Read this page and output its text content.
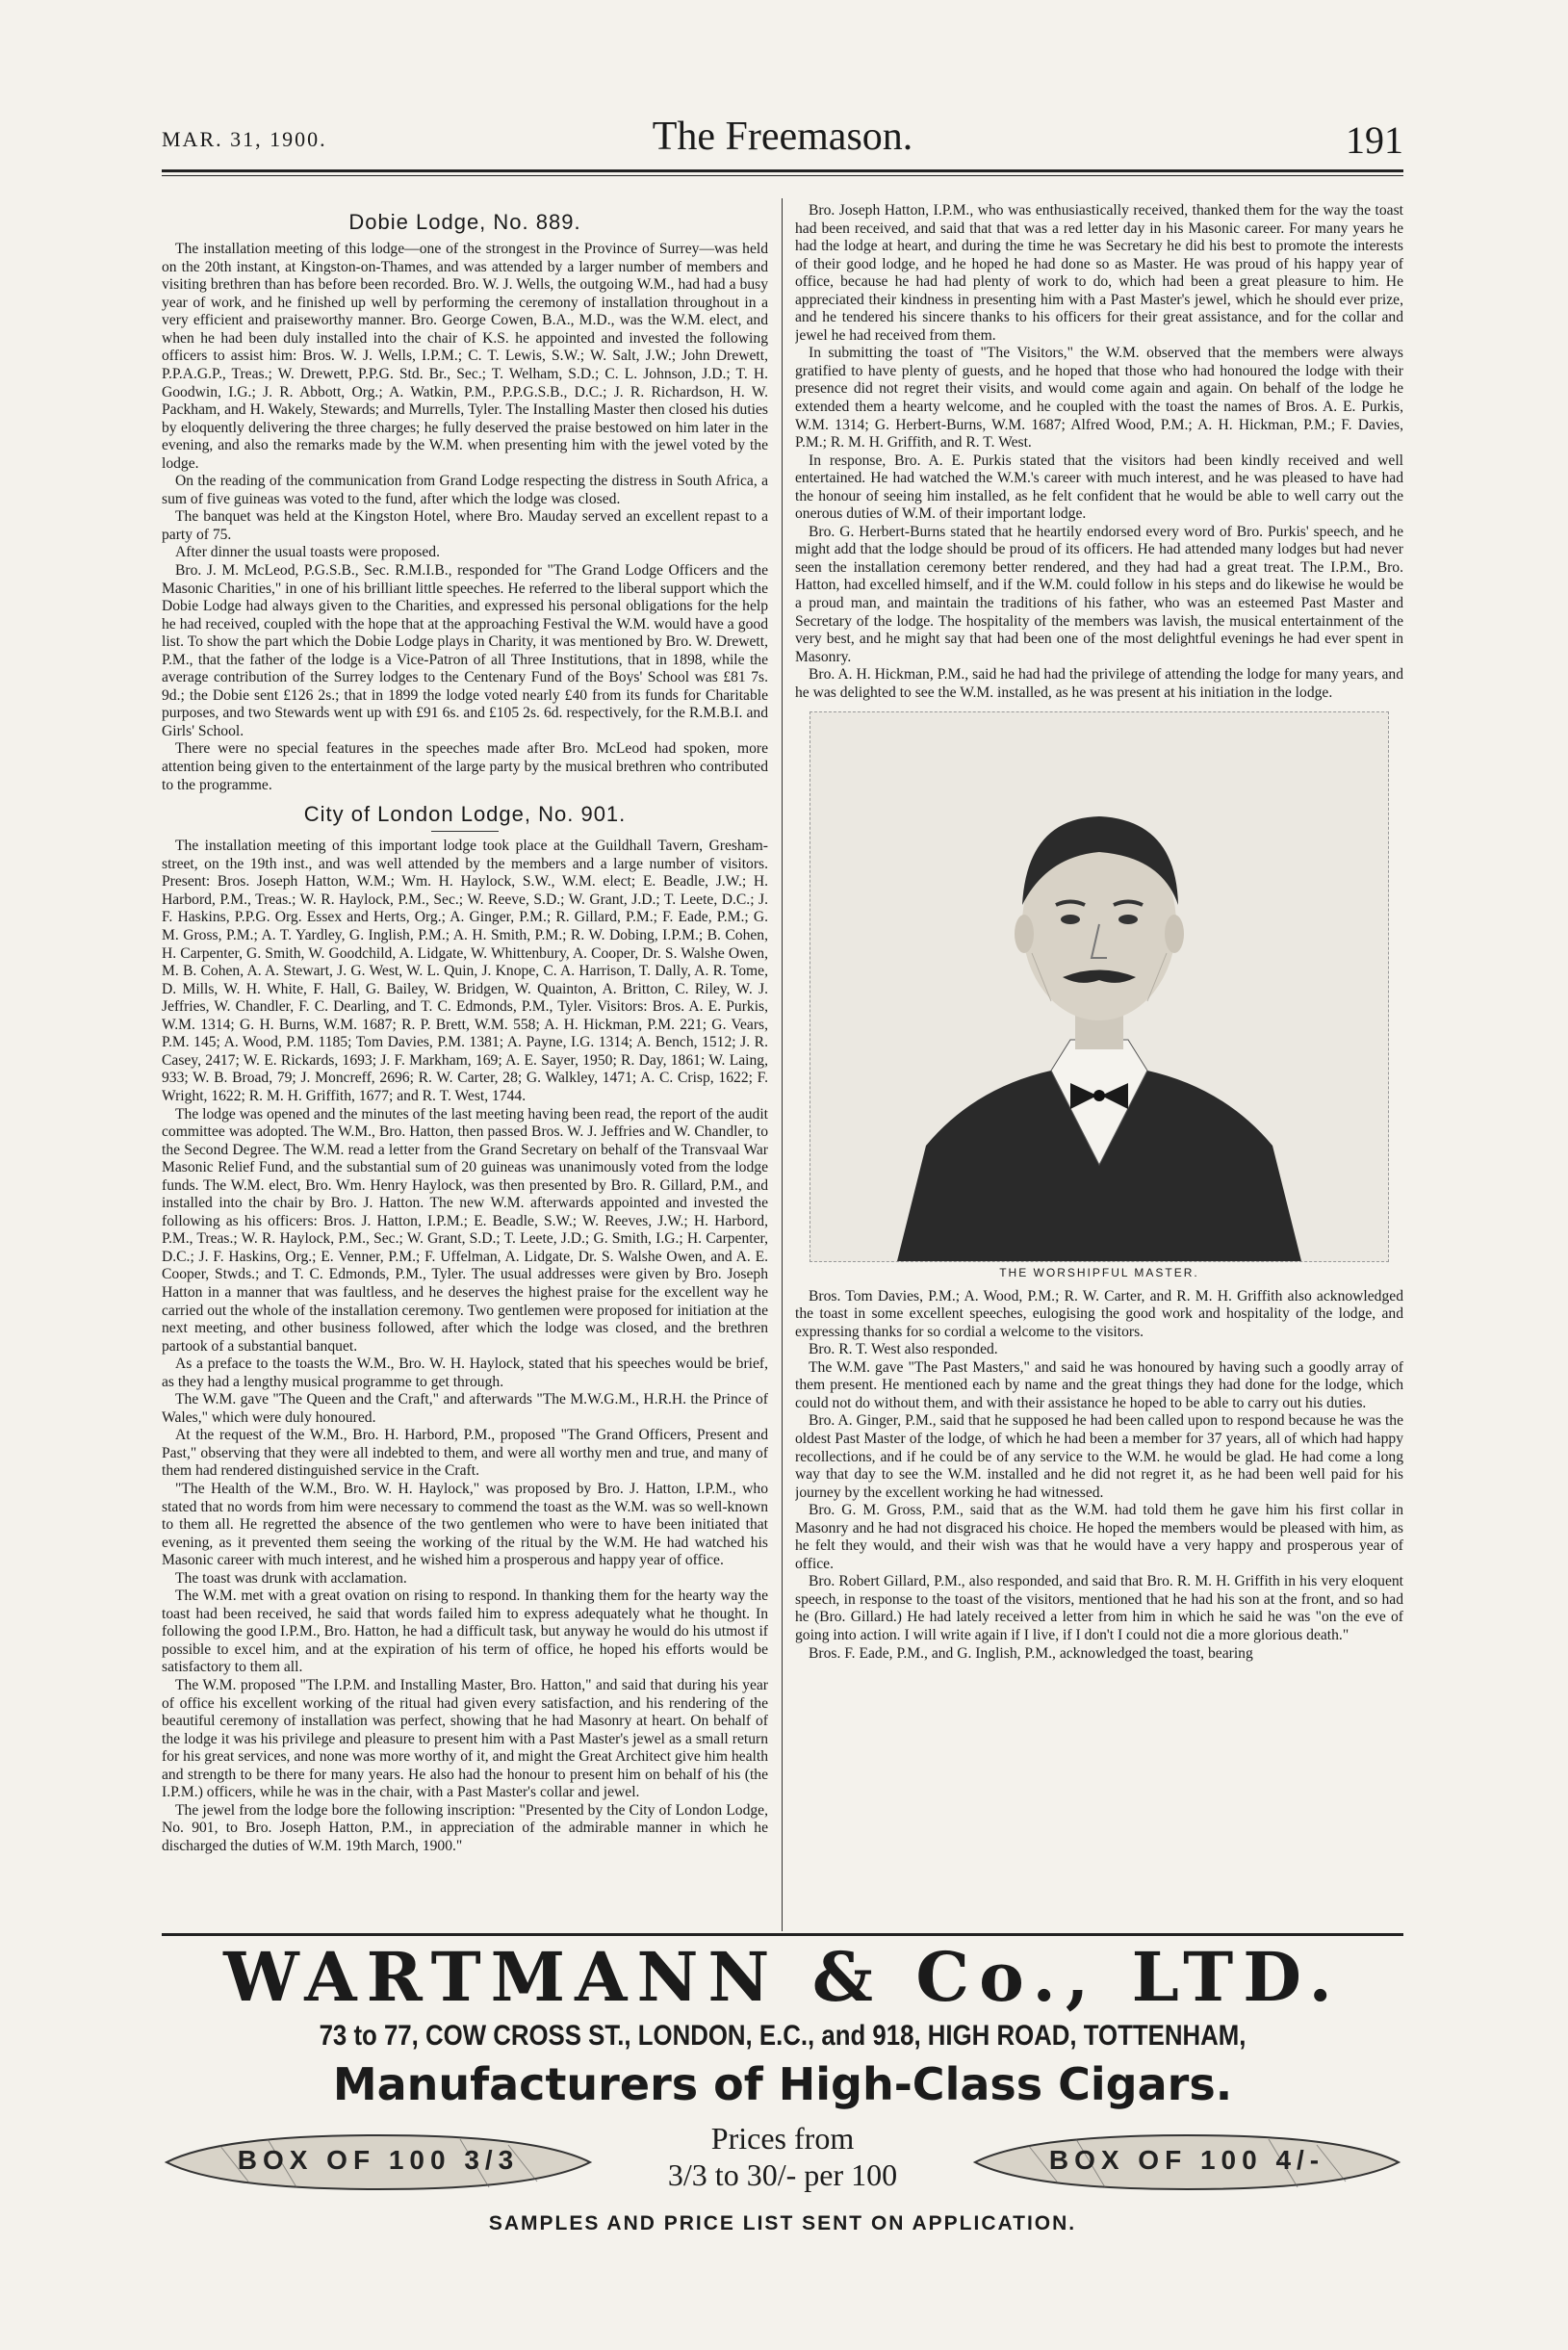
MAR. 31, 1900.	The Freemason.	191
Dobie Lodge, No. 889.

The installation meeting of this lodge—one of the strongest in the Province of Surrey—was held on the 20th instant, at Kingston-on-Thames, and was attended by a larger number of members and visiting brethren than has before been recorded. Bro. W. J. Wells, the outgoing W.M., had had a busy year of work, and he finished up well by performing the ceremony of installation throughout in a very efficient and praiseworthy manner. Bro. George Cowen, B.A., M.D., was the W.M. elect, and when he had been duly installed into the chair of K.S. he appointed and invested the following officers to assist him: Bros. W. J. Wells, I.P.M.; C. T. Lewis, S.W.; W. Salt, J.W.; John Drewett, P.P.A.G.P., Treas.; W. Drewett, P.P.G. Std. Br., Sec.; T. Welham, S.D.; C. L. Johnson, J.D.; T. H. Goodwin, I.G.; J. R. Abbott, Org.; A. Watkin, P.M., P.P.G.S.B., D.C.; J. R. Richardson, H. W. Packham, and H. Wakely, Stewards; and Murrells, Tyler. The Installing Master then closed his duties by eloquently delivering the three charges; he fully deserved the praise bestowed on him later in the evening, and also the remarks made by the W.M. when presenting him with the jewel voted by the lodge.

On the reading of the communication from Grand Lodge respecting the distress in South Africa, a sum of five guineas was voted to the fund, after which the lodge was closed.

The banquet was held at the Kingston Hotel, where Bro. Mauday served an excellent repast to a party of 75.

After dinner the usual toasts were proposed.

Bro. J. M. McLeod, P.G.S.B., Sec. R.M.I.B., responded for "The Grand Lodge Officers and the Masonic Charities," in one of his brilliant little speeches. He referred to the liberal support which the Dobie Lodge had always given to the Charities, and expressed his personal obligations for the help he had received, coupled with the hope that at the approaching Festival the W.M. would have a good list. To show the part which the Dobie Lodge plays in Charity, it was mentioned by Bro. W. Drewett, P.M., that the father of the lodge is a Vice-Patron of all Three Institutions, that in 1898, while the average contribution of the Surrey lodges to the Centenary Fund of the Boys' School was £81 7s. 9d.; the Dobie sent £126 2s.; that in 1899 the lodge voted nearly £40 from its funds for Charitable purposes, and two Stewards went up with £91 6s. and £105 2s. 6d. respectively, for the R.M.B.I. and Girls' School.

There were no special features in the speeches made after Bro. McLeod had spoken, more attention being given to the entertainment of the large party by the musical brethren who contributed to the programme.

City of London Lodge, No. 901.

The installation meeting of this important lodge took place at the Guildhall Tavern, Gresham-street, on the 19th inst., and was well attended by the members and a large number of visitors. Present: Bros. Joseph Hatton, W.M.; Wm. H. Haylock, S.W., W.M. elect; E. Beadle, J.W.; H. Harbord, P.M., Treas.; W. R. Haylock, P.M., Sec.; W. Reeve, S.D.; W. Grant, J.D.; T. Leete, D.C.; J. F. Haskins, P.P.G. Org. Essex and Herts, Org.; A. Ginger, P.M.; R. Gillard, P.M.; F. Eade, P.M.; G. M. Gross, P.M.; A. T. Yardley, G. Inglish, P.M.; A. H. Smith, P.M.; R. W. Dobing, I.P.M.; B. Cohen, H. Carpenter, G. Smith, W. Goodchild, A. Lidgate, W. Whittenbury, A. Cooper, Dr. S. Walshe Owen, M. B. Cohen, A. A. Stewart, J. G. West, W. L. Quin, J. Knope, C. A. Harrison, T. Dally, A. R. Tome, D. Mills, W. H. White, F. Hall, G. Bailey, W. Bridgen, W. Quainton, A. Britton, C. Riley, W. J. Jeffries, W. Chandler, F. C. Dearling, and T. C. Edmonds, P.M., Tyler. Visitors: Bros. A. E. Purkis, W.M. 1314; G. H. Burns, W.M. 1687; R. P. Brett, W.M. 558; A. H. Hickman, P.M. 221; G. Vears, P.M. 145; A. Wood, P.M. 1185; Tom Davies, P.M. 1381; A. Payne, I.G. 1314; A. Bench, 1512; J. R. Casey, 2417; W. E. Rickards, 1693; J. F. Markham, 169; A. E. Sayer, 1950; R. Day, 1861; W. Laing, 933; W. B. Broad, 79; J. Moncreff, 2696; R. W. Carter, 28; G. Walkley, 1471; A. C. Crisp, 1622; F. Wright, 1622; R. M. H. Griffith, 1677; and R. T. West, 1744.

The lodge was opened and the minutes of the last meeting having been read, the report of the audit committee was adopted. The W.M., Bro. Hatton, then passed Bros. W. J. Jeffries and W. Chandler, to the Second Degree. The W.M. read a letter from the Grand Secretary on behalf of the Transvaal War Masonic Relief Fund, and the substantial sum of 20 guineas was unanimously voted from the lodge funds. The W.M. elect, Bro. Wm. Henry Haylock, was then presented by Bro. R. Gillard, P.M., and installed into the chair by Bro. J. Hatton. The new W.M. afterwards appointed and invested the following as his officers: Bros. J. Hatton, I.P.M.; E. Beadle, S.W.; W. Reeves, J.W.; H. Harbord, P.M., Treas.; W. R. Haylock, P.M., Sec.; W. Grant, S.D.; T. Leete, J.D.; G. Smith, I.G.; H. Carpenter, D.C.; J. F. Haskins, Org.; E. Venner, P.M.; F. Uffelman, A. Lidgate, Dr. S. Walshe Owen, and A. E. Cooper, Stwds.; and T. C. Edmonds, P.M., Tyler. The usual addresses were given by Bro. Joseph Hatton in a manner that was faultless, and he deserves the highest praise for the excellent way he carried out the whole of the installation ceremony. Two gentlemen were proposed for initiation at the next meeting, and other business followed, after which the lodge was closed, and the brethren partook of a substantial banquet.

As a preface to the toasts the W.M., Bro. W. H. Haylock, stated that his speeches would be brief, as they had a lengthy musical programme to get through.

The W.M. gave "The Queen and the Craft," and afterwards "The M.W.G.M., H.R.H. the Prince of Wales," which were duly honoured.

At the request of the W.M., Bro. H. Harbord, P.M., proposed "The Grand Officers, Present and Past," observing that they were all indebted to them, and were all worthy men and true, and many of them had rendered distinguished service in the Craft.

"The Health of the W.M., Bro. W. H. Haylock," was proposed by Bro. J. Hatton, I.P.M., who stated that no words from him were necessary to commend the toast as the W.M. was so well-known to them all. He regretted the absence of the two gentlemen who were to have been initiated that evening, as it prevented them seeing the working of the ritual by the W.M. He had watched his Masonic career with much interest, and he wished him a prosperous and happy year of office.

The toast was drunk with acclamation.

The W.M. met with a great ovation on rising to respond. In thanking them for the hearty way the toast had been received, he said that words failed him to express adequately what he thought. In following the good I.P.M., Bro. Hatton, he had a difficult task, but anyway he would do his utmost if possible to excel him, and at the expiration of his term of office, he hoped his efforts would be satisfactory to them all.

The W.M. proposed "The I.P.M. and Installing Master, Bro. Hatton," and said that during his year of office his excellent working of the ritual had given every satisfaction, and his rendering of the beautiful ceremony of installation was perfect, showing that he had Masonry at heart. On behalf of the lodge it was his privilege and pleasure to present him with a Past Master's jewel as a small return for his great services, and none was more worthy of it, and might the Great Architect give him health and strength to be there for many years. He also had the honour to present him on behalf of his (the I.P.M.) officers, while he was in the chair, with a Past Master's collar and jewel.

The jewel from the lodge bore the following inscription: "Presented by the City of London Lodge, No. 901, to Bro. Joseph Hatton, P.M., in appreciation of the admirable manner in which he discharged the duties of W.M. 19th March, 1900."

Bro. Joseph Hatton, I.P.M., who was enthusiastically received, thanked them for the way the toast had been received, and said that that was a red letter day in his Masonic career. For many years he had the lodge at heart, and during the time he was Secretary he did his best to promote the interests of their good lodge, and he hoped he had done so as Master. He was proud of his happy year of office, because he had had plenty of work to do, which had been a great pleasure to him. He appreciated their kindness in presenting him with a Past Master's jewel, which he should ever prize, and he tendered his sincere thanks to his officers for their great assistance, and for the collar and jewel he had received from them.

In submitting the toast of "The Visitors," the W.M. observed that the members were always gratified to have plenty of guests, and he hoped that those who had honoured the lodge with their presence did not regret their visits, and would come again and again. On behalf of the lodge he extended them a hearty welcome, and he coupled with the toast the names of Bros. A. E. Purkis, W.M. 1314; G. Herbert-Burns, W.M. 1687; Alfred Wood, P.M.; A. H. Hickman, P.M.; F. Davies, P.M.; R. M. H. Griffith, and R. T. West.

In response, Bro. A. E. Purkis stated that the visitors had been kindly received and well entertained. He had watched the W.M.'s career with much interest, and he was pleased to have had the honour of seeing him installed, as he felt confident that he would be able to well carry out the onerous duties of W.M. of their important lodge.

Bro. G. Herbert-Burns stated that he heartily endorsed every word of Bro. Purkis' speech, and he might add that the lodge should be proud of its officers. He had attended many lodges but had never seen the installation ceremony better rendered, and they had had a great treat. The I.P.M., Bro. Hatton, had excelled himself, and if the W.M. could follow in his steps and do likewise he would be a proud man, and maintain the traditions of his father, who was an esteemed Past Master and Secretary of the lodge. The hospitality of the members was lavish, the musical entertainment of the very best, and he might say that had been one of the most delightful evenings he had ever spent in Masonry.

Bro. A. H. Hickman, P.M., said he had had the privilege of attending the lodge for many years, and he was delighted to see the W.M. installed, as he was present at his initiation in the lodge.

THE WORSHIPFUL MASTER.

Bros. Tom Davies, P.M.; A. Wood, P.M.; R. W. Carter, and R. M. H. Griffith also acknowledged the toast in some excellent speeches, eulogising the good work and hospitality of the lodge, and expressing thanks for so cordial a welcome to the visitors.

Bro. R. T. West also responded.

The W.M. gave "The Past Masters," and said he was honoured by having such a goodly array of them present. He mentioned each by name and the great things they had done for the lodge, which could not do without them, and with their assistance he hoped to be able to carry out his duties.

Bro. A. Ginger, P.M., said that he supposed he had been called upon to respond because he was the oldest Past Master of the lodge, of which he had been a member for 37 years, all of which had happy recollections, and if he could be of any service to the W.M. he would be glad. He had come a long way that day to see the W.M. installed and he did not regret it, as he had been well paid for his journey by the excellent working he had witnessed.

Bro. G. M. Gross, P.M., said that as the W.M. had told them he gave him his first collar in Masonry and he had not disgraced his choice. He hoped the members would be pleased with him, as he felt they would, and their wish was that he would have a very happy and prosperous year of office.

Bro. Robert Gillard, P.M., also responded, and said that Bro. R. M. H. Griffith in his very eloquent speech, in response to the toast of the visitors, mentioned that he had his son at the front, and so had he (Bro. Gillard.) He had lately received a letter from him in which he said he was "on the eve of going into action. I will write again if I live, if I don't I could not die a more glorious death."

Bros. F. Eade, P.M., and G. Inglish, P.M., acknowledged the toast, bearing

WARTMANN & Co., LTD.
73 to 77, COW CROSS ST., LONDON, E.C., and 918, HIGH ROAD, TOTTENHAM,
Manufacturers of High-Class Cigars.
BOX OF 100 3/3
Prices from
3/3 to 30/- per 100	BOX OF 100 4/-
SAMPLES AND PRICE LIST SENT ON APPLICATION.
